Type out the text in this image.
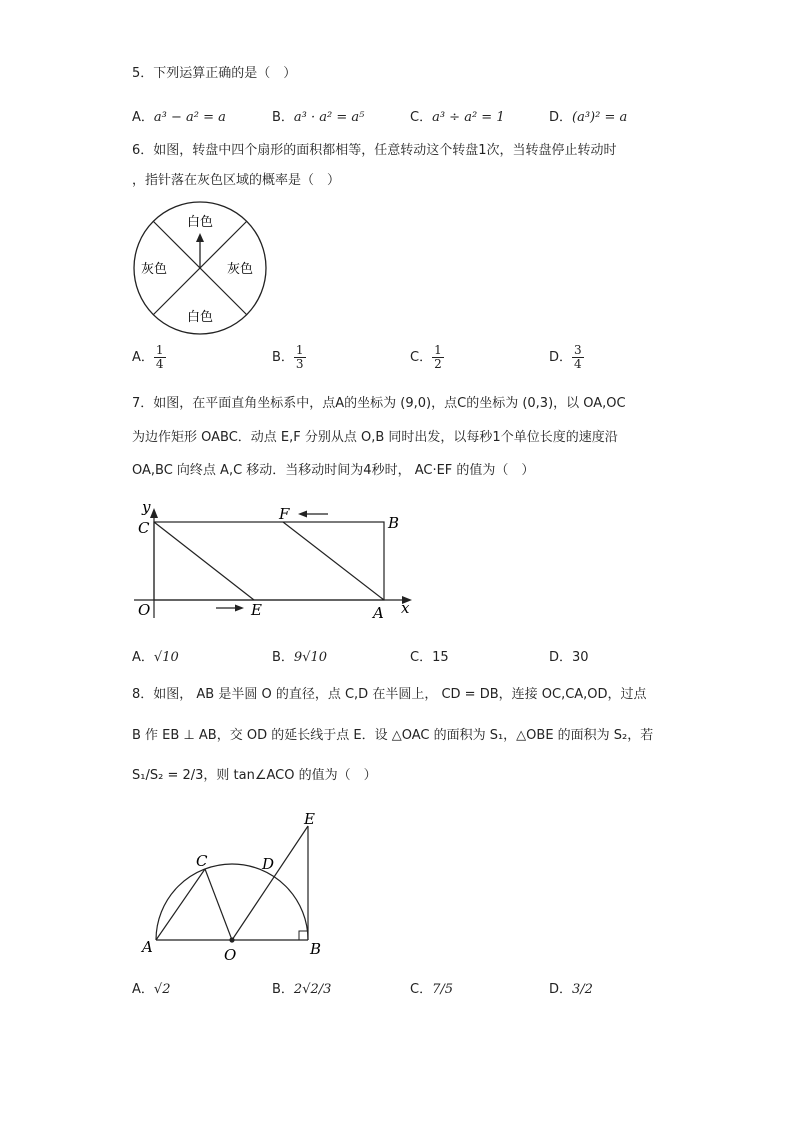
5．下列运算正确的是（　）
A．a³ − a² = a	B．a³ · a² = a⁵	C．a³ ÷ a² = 1	D．(a³)² = a
6．如图，转盘中四个扇形的面积都相等，任意转动这个转盘1次，当转盘停止转动时
，指针落在灰色区域的概率是（　）
白色
灰色	灰色
白色
A． $\frac{1}{4}$	B． $\frac{1}{3}$	C． $\frac{1}{2}$	D． $\frac{3}{4}$
7．如图，在平面直角坐标系中，点A的坐标为 (9,0)，点C的坐标为 (0,3)，以 OA,OC
为边作矩形 OABC．动点 E,F 分别从点 O,B 同时出发，以每秒1个单位长度的速度沿
OA,BC 向终点 A,C 移动．当移动时间为4秒时， AC·EF 的值为（　）
y
C
F	B
O	E	A x
A．√10	B．9√10	C．15	D．30
8．如图， AB 是半圆 O 的直径，点 C,D 在半圆上， CD = DB，连接 OC,CA,OD，过点
B 作 EB ⊥ AB，交 OD 的延长线于点 E．设 △OAC 的面积为 S₁，△OBE 的面积为 S₂，若
S₁/S₂ = 2/3，则 tan∠ACO 的值为（　）
E
C	D
A	O	B
A．√2	B．2√2/3	C．7/5	D．3/2
